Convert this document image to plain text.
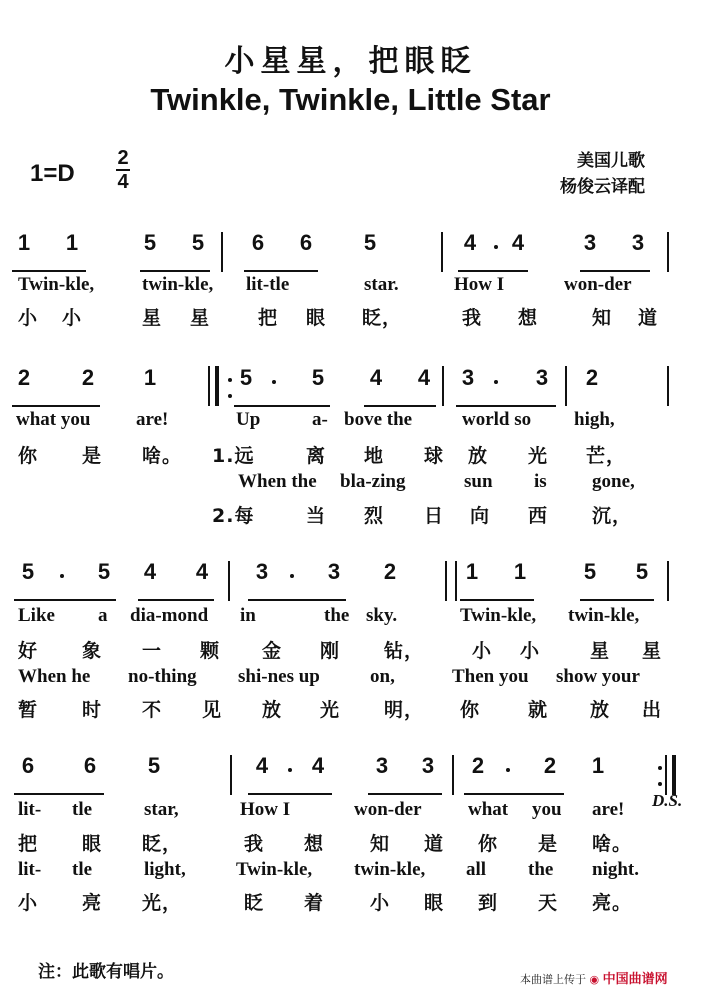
小星星，把眼眨
Twinkle, Twinkle, Little Star
1=D
2
4
美国儿歌
杨俊云译配
1	1	5	5	6	6	5	4	4	3	3
Twin-kle,	twin-kle, lit-tle	star.	How I	won-der
小 小	星 星	把 眼 眨，	我 想	知 道
2	2	1	5	5	4	4	3	3	2
what you are!	Up	a- bove the	world so high,
你 是 啥。 1.远	离 地 球 放 光 芒，
When the bla-zing	sun is gone,
2.每	当 烈 日 向 西 沉，
5	5	4	4	3	3	2	1	1	5	5
Like a dia-mond in	the sky.	Twin-kle, twin-kle,
好 象 一 颗 金 刚 钻，	小 小	星 星
When he no-thing shi-nes up	on,	Then you show your
暂 时 不 见 放 光 明， 你	就 放 出
6	6	5	4	4	3	3	2	2	1
lit- tle	star,	How I	won-der what you are!
把 眼 眨，	我 想 知 道 你 是 啥。
lit- tle	light,	Twin-kle, twin-kle, all the night.
小 亮 光，	眨 着 小 眼 到 天 亮。
D.S.
注：此歌有唱片。	本曲谱上传于 ◉ 中国曲谱网
